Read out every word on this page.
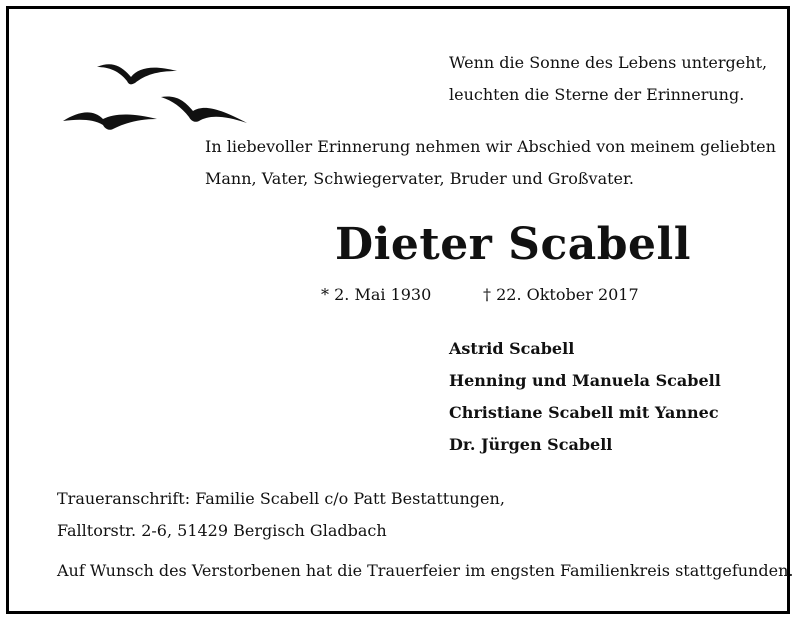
Wenn die Sonne des Lebens untergeht,
leuchten die Sterne der Erinnerung.
In liebevoller Erinnerung nehmen wir Abschied von meinem geliebten
Mann, Vater, Schwiegervater, Bruder und Großvater.
Dieter Scabell
* 2. Mai 1930	† 22. Oktober 2017
Astrid Scabell
Henning und Manuela Scabell
Christiane Scabell mit Yannec
Dr. Jürgen Scabell
Traueranschrift: Familie Scabell c/o Patt Bestattungen,
Falltorstr. 2-6, 51429 Bergisch Gladbach
Auf Wunsch des Verstorbenen hat die Trauerfeier im engsten Familienkreis stattgefunden.
